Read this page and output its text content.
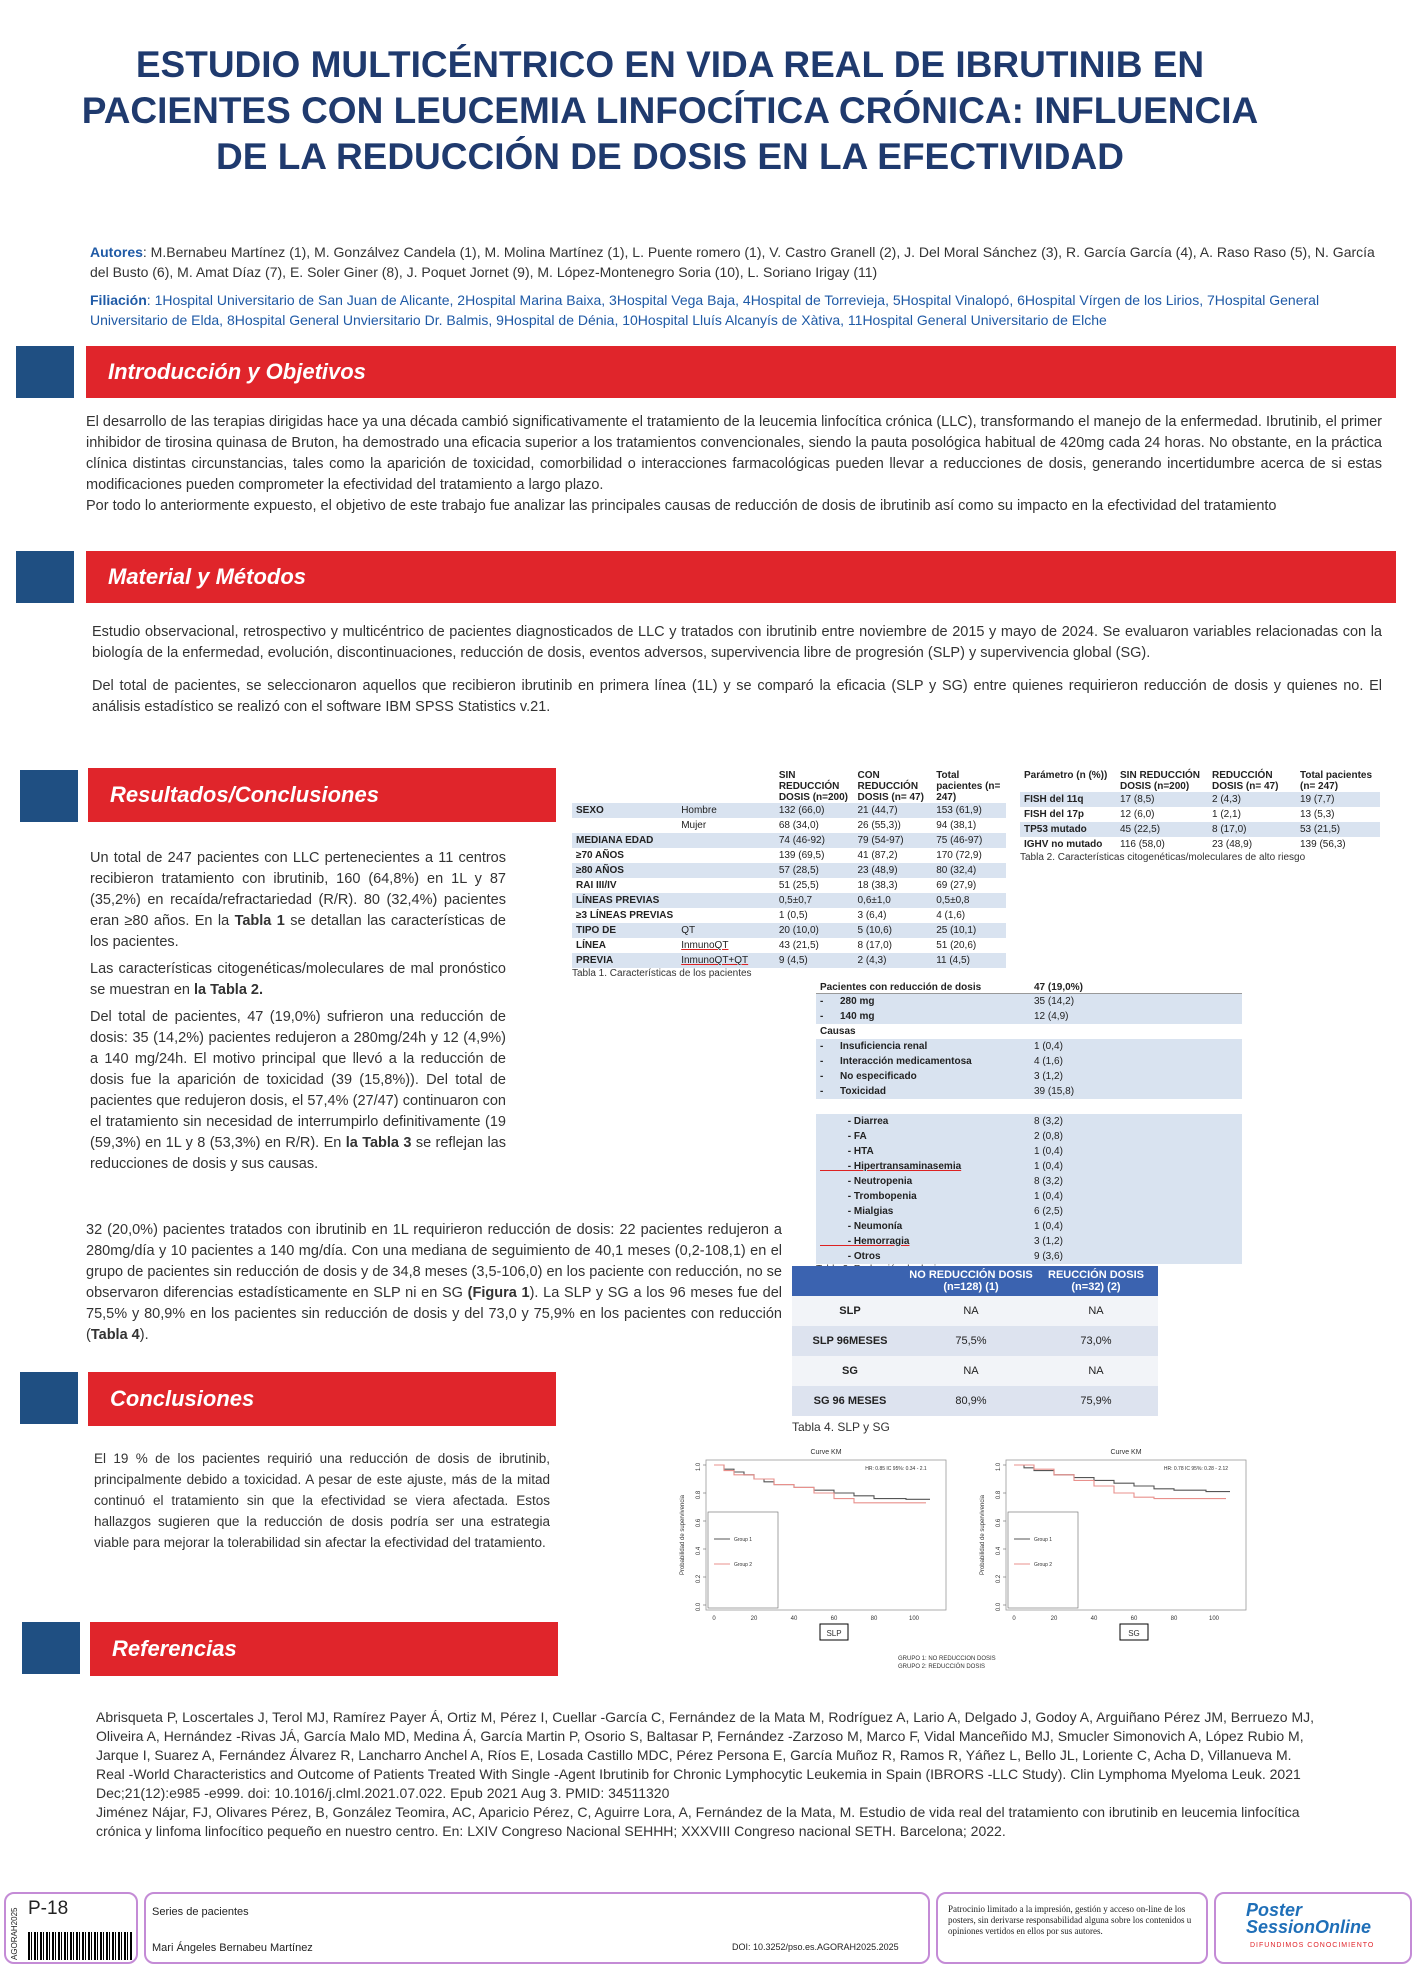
ESTUDIO MULTICÉNTRICO EN VIDA REAL DE IBRUTINIB EN PACIENTES CON LEUCEMIA LINFOCÍTICA CRÓNICA: INFLUENCIA DE LA REDUCCIÓN DE DOSIS EN LA EFECTIVIDAD
Autores: M.Bernabeu Martínez (1), M. Gonzálvez Candela (1), M. Molina Martínez (1), L. Puente romero (1), V. Castro Granell (2), J. Del Moral Sánchez (3), R. García García (4), A. Raso Raso (5), N. García del Busto (6), M. Amat Díaz (7), E. Soler Giner (8), J. Poquet Jornet (9), M. López-Montenegro Soria (10), L. Soriano Irigay (11)
Filiación: 1Hospital Universitario de San Juan de Alicante, 2Hospital Marina Baixa, 3Hospital Vega Baja, 4Hospital de Torrevieja, 5Hospital Vinalopó, 6Hospital Vírgen de los Lirios, 7Hospital General Universitario de Elda, 8Hospital General Unviersitario Dr. Balmis, 9Hospital de Dénia, 10Hospital Lluís Alcanyís de Xàtiva, 11Hospital General Universitario de Elche
Introducción y Objetivos

El desarrollo de las terapias dirigidas hace ya una década cambió significativamente el tratamiento de la leucemia linfocítica crónica (LLC), transformando el manejo de la enfermedad. Ibrutinib, el primer inhibidor de tirosina quinasa de Bruton, ha demostrado una eficacia superior a los tratamientos convencionales, siendo la pauta posológica habitual de 420mg cada 24 horas. No obstante, en la práctica clínica distintas circunstancias, tales como la aparición de toxicidad, comorbilidad o interacciones farmacológicas pueden llevar a reducciones de dosis, generando incertidumbre acerca de si estas modificaciones pueden comprometer la efectividad del tratamiento a largo plazo.

Por todo lo anteriormente expuesto, el objetivo de este trabajo fue analizar las principales causas de reducción de dosis de ibrutinib así como su impacto en la efectividad del tratamiento

Material y Métodos

Estudio observacional, retrospectivo y multicéntrico de pacientes diagnosticados de LLC y tratados con ibrutinib entre noviembre de 2015 y mayo de 2024. Se evaluaron variables relacionadas con la biología de la enfermedad, evolución, discontinuaciones, reducción de dosis, eventos adversos, supervivencia libre de progresión (SLP) y supervivencia global (SG).

Del total de pacientes, se seleccionaron aquellos que recibieron ibrutinib en primera línea (1L) y se comparó la eficacia (SLP y SG) entre quienes requirieron reducción de dosis y quienes no. El análisis estadístico se realizó con el software IBM SPSS Statistics v.21.

Resultados/Conclusiones

Un total de 247 pacientes con LLC pertenecientes a 11 centros recibieron tratamiento con ibrutinib, 160 (64,8%) en 1L y 87 (35,2%) en recaída/refractariedad (R/R). 80 (32,4%) pacientes eran ≥80 años. En la Tabla 1 se detallan las características de los pacientes.

Las características citogenéticas/moleculares de mal pronóstico se muestran en la Tabla 2.

Del total de pacientes, 47 (19,0%) sufrieron una reducción de dosis: 35 (14,2%) pacientes redujeron a 280mg/24h y 12 (4,9%) a 140 mg/24h. El motivo principal que llevó a la reducción de dosis fue la aparición de toxicidad (39 (15,8%)). Del total de pacientes que redujeron dosis, el 57,4% (27/47) continuaron con el tratamiento sin necesidad de interrumpirlo definitivamente (19 (59,3%) en 1L y 8 (53,3%) en R/R). En la Tabla 3 se reflejan las reducciones de dosis y sus causas.

32 (20,0%) pacientes tratados con ibrutinib en 1L requirieron reducción de dosis: 22 pacientes redujeron a 280mg/día y 10 pacientes a 140 mg/día. Con una mediana de seguimiento de 40,1 meses (0,2-108,1) en el grupo de pacientes sin reducción de dosis y de 34,8 meses (3,5-106,0) en los paciente con reducción, no se observaron diferencias estadísticamente en SLP ni en SG (Figura 1). La SLP y SG a los 96 meses fue del 75,5% y 80,9% en los pacientes sin reducción de dosis y del 73,0 y 75,9% en los pacientes con reducción (Tabla 4).
		SIN REDUCCIÓN DOSIS (n=200)	CON REDUCCIÓN DOSIS (n= 47)	Total pacientes (n= 247)
SEXO	Hombre	132 (66,0)	21 (44,7)	153 (61,9)
	Mujer	68 (34,0)	26 (55,3))	94 (38,1)
MEDIANA EDAD		74 (46-92)	79 (54-97)	75 (46-97)
≥70 AÑOS		139 (69,5)	41 (87,2)	170 (72,9)
≥80 AÑOS		57 (28,5)	23 (48,9)	80 (32,4)
RAI III/IV		51 (25,5)	18 (38,3)	69 (27,9)
LÍNEAS PREVIAS		0,5±0,7	0,6±1,0	0,5±0,8
≥3 LÍNEAS PREVIAS		1 (0,5)	3 (6,4)	4 (1,6)
TIPO DE	QT	20 (10,0)	5 (10,6)	25 (10,1)
LÍNEA	InmunoQT	43 (21,5)	8 (17,0)	51 (20,6)
PREVIA	InmunoQT+QT	9 (4,5)	2 (4,3)	11 (4,5)
Tabla 1. Características de los pacientes
Parámetro (n (%))	SIN REDUCCIÓN DOSIS (n=200)	REDUCCIÓN DOSIS (n= 47)	Total pacientes (n= 247)
FISH del 11q	17 (8,5)	2 (4,3)	19 (7,7)
FISH del 17p	12 (6,0)	1 (2,1)	13 (5,3)
TP53 mutado	45 (22,5)	8 (17,0)	53 (21,5)
IGHV no mutado	116 (58,0)	23 (48,9)	139 (56,3)
Tabla 2. Características citogenéticas/moleculares de alto riesgo
Pacientes con reducción de dosis	47 (19,0%)
-      280 mg	35 (14,2)
-      140 mg	12 (4,9)
Causas	
-      Insuficiencia renal	1 (0,4)
-      Interacción medicamentosa	4 (1,6)
-      No especificado	3 (1,2)
-      Toxicidad	39 (15,8)

- Diarrea	8 (3,2)
- FA	2 (0,8)
- HTA	1 (0,4)
- Hipertransaminasemia	1 (0,4)
- Neutropenia	8 (3,2)
- Trombopenia	1 (0,4)
- Mialgias	6 (2,5)
- Neumonía	1 (0,4)
- Hemorragia	3 (1,2)
- Otros	9 (3,6)
	NO REDUCCIÓN DOSIS (n=128) (1)	REUCCIÓN DOSIS (n=32) (2)
SLP	NA	NA
SLP 96MESES	75,5%	73,0%
SG	NA	NA
SG 96 MESES	80,9%	75,9%
Tabla 4. SLP y SG
Conclusiones
El 19 % de los pacientes requirió una reducción de dosis de ibrutinib, principalmente debido a toxicidad. A pesar de este ajuste, más de la mitad continuó el tratamiento sin que la efectividad se viera afectada. Estos hallazgos sugieren que la reducción de dosis podría ser una estrategia viable para mejorar la tolerabilidad sin afectar la efectividad del tratamiento.
Curve KM
HR: 0.85 IC 95%: 0.34 - 2.1
1.0
0.8
0.6
0.4
0.2
0.0
Probabilidad de supervivencia
0	20	40	60	80	100
Group 1
Group 2
SLP
Curve KM
HR: 0.78 IC 95%: 0.28 - 2.12
1.0
0.8
0.6
0.4
0.2
0.0
Probabilidad de supervivencia
0	20	40	60	80	100
Group 1
Group 2
SG
GRUPO 1: NO REDUCCION DOSIS
GRUPO 2: REDUCCIÓN DOSIS
Referencias

Abrisqueta P, Loscertales J, Terol MJ, Ramírez Payer Á, Ortiz M, Pérez I, Cuellar -García C, Fernández de la Mata M, Rodríguez A, Lario A, Delgado J, Godoy A, Arguiñano Pérez JM, Berruezo MJ, Oliveira A, Hernández -Rivas JÁ, García Malo MD, Medina Á, García Martin P, Osorio S, Baltasar P, Fernández -Zarzoso M, Marco F, Vidal Manceñido MJ, Smucler Simonovich A, López Rubio M, Jarque I, Suarez A, Fernández Álvarez R, Lancharro Anchel A, Ríos E, Losada Castillo MDC, Pérez Persona E, García Muñoz R, Ramos R, Yáñez L, Bello JL, Loriente C, Acha D, Villanueva M. Real -World Characteristics and Outcome of Patients Treated With Single -Agent Ibrutinib for Chronic Lymphocytic Leukemia in Spain (IBRORS -LLC Study). Clin Lymphoma Myeloma Leuk. 2021 Dec;21(12):e985 -e999. doi: 10.1016/j.clml.2021.07.022. Epub 2021 Aug 3. PMID: 34511320

Jiménez Nájar, FJ, Olivares Pérez, B, González Teomira, AC, Aparicio Pérez, C, Aguirre Lora, A, Fernández de la Mata, M. Estudio de vida real del tratamiento con ibrutinib en leucemia linfocítica crónica y linfoma linfocítico pequeño en nuestro centro. En: LXIV Congreso Nacional SEHHH; XXXVIII Congreso nacional SETH. Barcelona; 2022.

AGORAH2025 P-18	Series de pacientes
Mari Ángeles Bernabeu Martínez	DOI: 10.3252/pso.es.AGORAH2025.2025
Patrocinio limitado a la impresión, gestión y acceso on-line de los posters, sin derivarse responsabilidad alguna sobre los contenidos u opiniones vertidos en ellos por sus autores.
Poster
SessionOnline
DIFUNDIMOS CONOCIMIENTO
